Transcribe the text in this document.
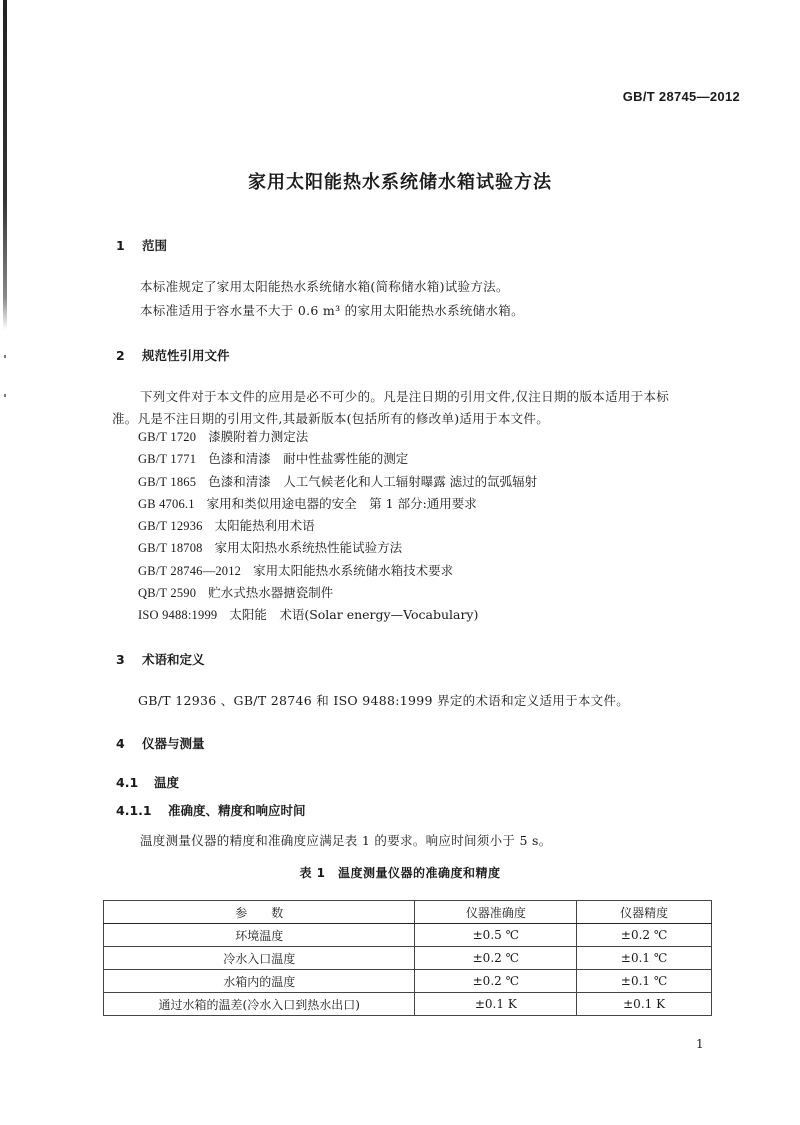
GB/T 28745—2012
家用太阳能热水系统储水箱试验方法
1 范围
本标准规定了家用太阳能热水系统储水箱(简称储水箱)试验方法。
本标准适用于容水量不大于 0.6 m³ 的家用太阳能热水系统储水箱。
2 规范性引用文件
下列文件对于本文件的应用是必不可少的。凡是注日期的引用文件,仅注日期的版本适用于本标
准。凡是不注日期的引用文件,其最新版本(包括所有的修改单)适用于本文件。
GB/T 1720 漆膜附着力测定法
GB/T 1771 色漆和清漆　耐中性盐雾性能的测定
GB/T 1865 色漆和清漆　人工气候老化和人工辐射曝露 滤过的氙弧辐射
GB 4706.1 家用和类似用途电器的安全　第 1 部分:通用要求
GB/T 12936 太阳能热利用术语
GB/T 18708 家用太阳热水系统热性能试验方法
GB/T 28746—2012 家用太阳能热水系统储水箱技术要求
QB/T 2590 贮水式热水器搪瓷制件
ISO 9488:1999 太阳能　术语(Solar energy—Vocabulary)
3 术语和定义
GB/T 12936 、GB/T 28746 和 ISO 9488:1999 界定的术语和定义适用于本文件。
4 仪器与测量
4.1 温度
4.1.1 准确度、精度和响应时间
温度测量仪器的精度和准确度应满足表 1 的要求。响应时间须小于 5 s。
表 1　温度测量仪器的准确度和精度
参　　数	仪器准确度	仪器精度
环境温度	±0.5 ℃	±0.2 ℃
冷水入口温度	±0.2 ℃	±0.1 ℃
水箱内的温度	±0.2 ℃	±0.1 ℃
通过水箱的温差(冷水入口到热水出口)	±0.1 K	±0.1 K
1
